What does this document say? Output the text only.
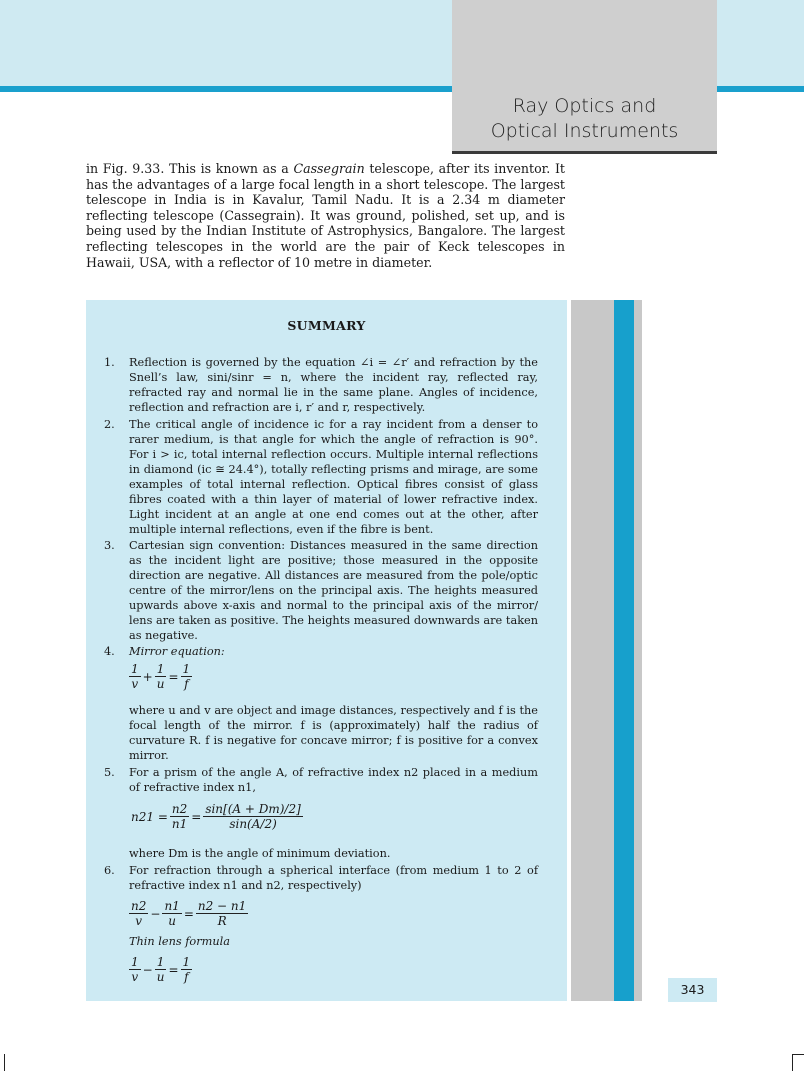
Ray Optics and
Optical Instruments
in Fig. 9.33. This is known as a Cassegrain telescope, after its inventor. It has the advantages of a large focal length in a short telescope. The largest telescope in India is in Kavalur, Tamil Nadu. It is a 2.34 m diameter reflecting telescope (Cassegrain). It was ground, polished, set up, and is being used by the Indian Institute of Astrophysics, Bangalore. The largest reflecting telescopes in the world are the pair of Keck telescopes in Hawaii, USA, with a reflector of 10 metre in diameter.
SUMMARY
1.	Reflection is governed by the equation ∠i = ∠r′ and refraction by the Snell’s law, sini/sinr = n, where the incident ray, reflected ray, refracted ray and normal lie in the same plane. Angles of incidence, reflection and refraction are i, r′ and r, respectively.
2.	The critical angle of incidence ic for a ray incident from a denser to rarer medium, is that angle for which the angle of refraction is 90°. For i > ic, total internal reflection occurs. Multiple internal reflections in diamond (ic ≅ 24.4°), totally reflecting prisms and mirage, are some examples of total internal reflection. Optical fibres consist of glass fibres coated with a thin layer of material of lower refractive index. Light incident at an angle at one end comes out at the other, after multiple internal reflections, even if the fibre is bent.
3.	Cartesian sign convention: Distances measured in the same direction as the incident light are positive; those measured in the opposite direction are negative. All distances are measured from the pole/optic centre of the mirror/lens on the principal axis. The heights measured upwards above x-axis and normal to the principal axis of the mirror/ lens are taken as positive. The heights measured downwards are taken as negative.
4.	Mirror equation:
$\frac{1}{v} + \frac{1}{u} = \frac{1}{f}$
where u and v are object and image distances, respectively and f is the focal length of the mirror. f is (approximately) half the radius of curvature R. f is negative for concave mirror; f is positive for a convex mirror.
5.	For a prism of the angle A, of refractive index n2 placed in a medium of refractive index n1,
$n21 = \frac{n2}{n1} = \frac{\sin[(A + Dm)/2]}{\sin(A/2)}$
where Dm is the angle of minimum deviation.
6.	For refraction through a spherical interface (from medium 1 to 2 of refractive index n1 and n2, respectively)
$\frac{n2}{v} - \frac{n1}{u} = \frac{n2 - n1}{R}$
Thin lens formula
$\frac{1}{v} - \frac{1}{u} = \frac{1}{f}$
343
